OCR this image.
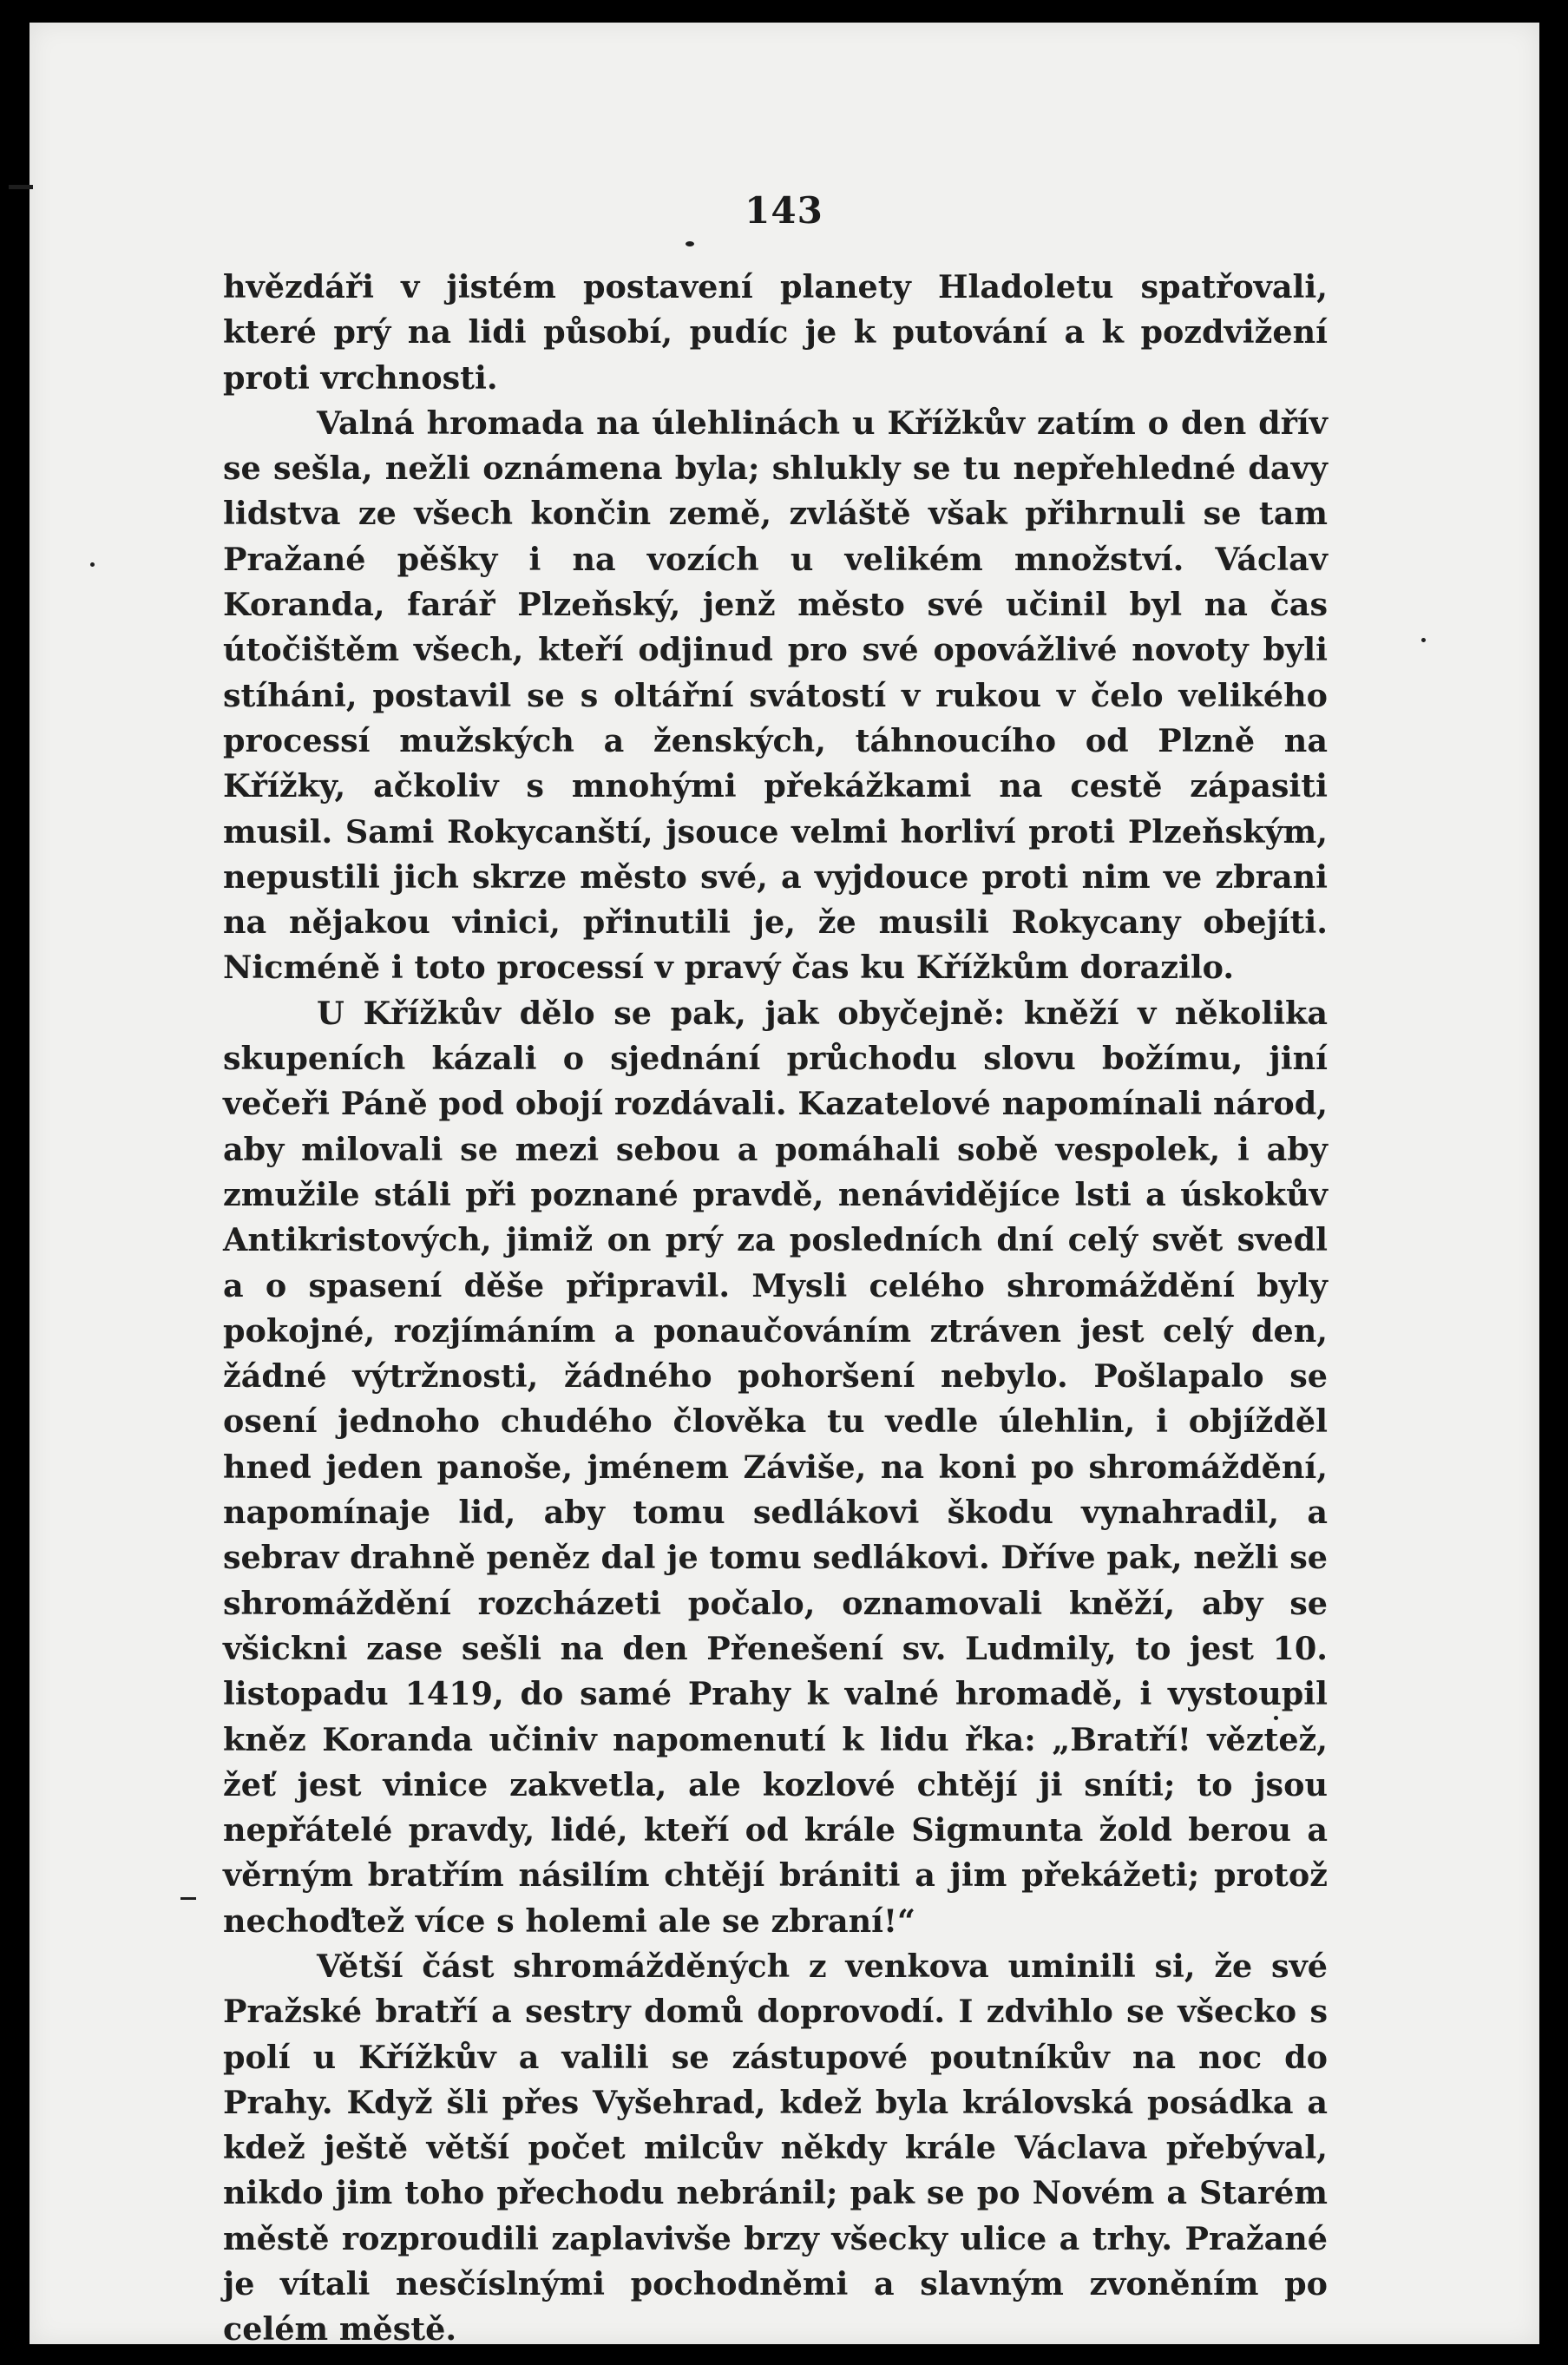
143

hvězdáři v jistém postavení planety Hladoletu spatřovali, které prý na lidi působí, pudíc je k putování a k pozdvižení proti vrchnosti.

Valná hromada na úlehlinách u Křížkův zatím o den dřív se sešla, nežli oznámena byla; shlukly se tu nepřehledné davy lidstva ze všech končin země, zvláště však přihrnuli se tam Pražané pěšky i na vozích u velikém množství. Václav Koranda, farář Plzeňský, jenž město své učinil byl na čas útočištěm všech, kteří odjinud pro své opovážlivé novoty byli stíháni, postavil se s oltářní svátostí v rukou v čelo velikého processí mužských a ženských, táhnoucího od Plzně na Křížky, ačkoliv s mnohými překážkami na cestě zápasiti musil. Sami Rokycanští, jsouce velmi horliví proti Plzeňským, nepustili jich skrze město své, a vyjdouce proti nim ve zbrani na nějakou vinici, přinutili je, že musili Rokycany obejíti. Nicméně i toto processí v pravý čas ku Křížkům dorazilo.

U Křížkův dělo se pak, jak obyčejně: kněží v několika skupeních kázali o sjednání průchodu slovu božímu, jiní večeři Páně pod obojí rozdávali. Kazatelové napomínali národ, aby milovali se mezi sebou a pomáhali sobě vespolek, i aby zmužile stáli při poznané pravdě, nenávidějíce lsti a úskokův Antikristových, jimiž on prý za posledních dní celý svět svedl a o spasení děše připravil. Mysli celého shromáždění byly pokojné, rozjímáním a ponaučováním ztráven jest celý den, žádné výtržnosti, žádného pohoršení nebylo. Pošlapalo se osení jednoho chudého člověka tu vedle úlehlin, i objížděl hned jeden panoše, jménem Záviše, na koni po shromáždění, napomínaje lid, aby tomu sedlákovi škodu vynahradil, a sebrav drahně peněz dal je tomu sedlákovi. Dříve pak, nežli se shromáždění rozcházeti počalo, oznamovali kněží, aby se všickni zase sešli na den Přenešení sv. Ludmily, to jest 10. listopadu 1419, do samé Prahy k valné hromadě, i vystoupil kněz Koranda učiniv napomenutí k lidu řka: „Bratří! věztež, žeť jest vinice zakvetla, ale kozlové chtějí ji sníti; to jsou nepřátelé pravdy, lidé, kteří od krále Sigmunta žold berou a věrným bratřím násilím chtějí brániti a jim překážeti; protož nechoďtež více s holemi ale se zbraní!“

Větší část shromážděných z venkova uminili si, že své Pražské bratří a sestry domů doprovodí. I zdvihlo se všecko s polí u Křížkův a valili se zástupové poutníkův na noc do Prahy. Když šli přes Vyšehrad, kdež byla královská posádka a kdež ještě větší počet milcův někdy krále Václava přebýval, nikdo jim toho přechodu nebránil; pak se po Novém a Starém městě rozproudili zaplavivše brzy všecky ulice a trhy. Pražané je vítali nesčíslnými pochodněmi a slavným zvoněním po celém městě.
